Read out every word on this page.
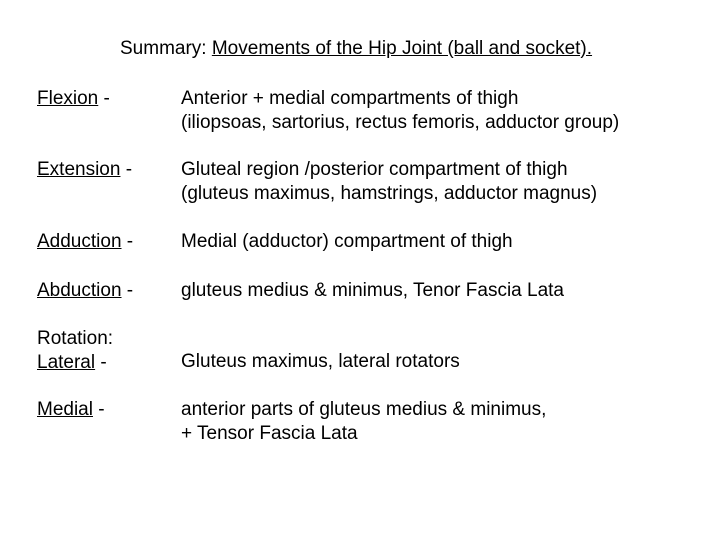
Summary: Movements of the Hip Joint (ball and socket).
Flexion -	Anterior + medial compartments of thigh
(iliopsoas, sartorius, rectus femoris, adductor group)
Extension -	Gluteal region /posterior compartment of thigh
(gluteus maximus, hamstrings, adductor magnus)
Adduction -	Medial (adductor) compartment of thigh
Abduction -	gluteus medius & minimus, Tenor Fascia Lata
Rotation:
Lateral -	Gluteus maximus, lateral rotators
Medial -	anterior parts of gluteus medius & minimus,
+ Tensor Fascia Lata
